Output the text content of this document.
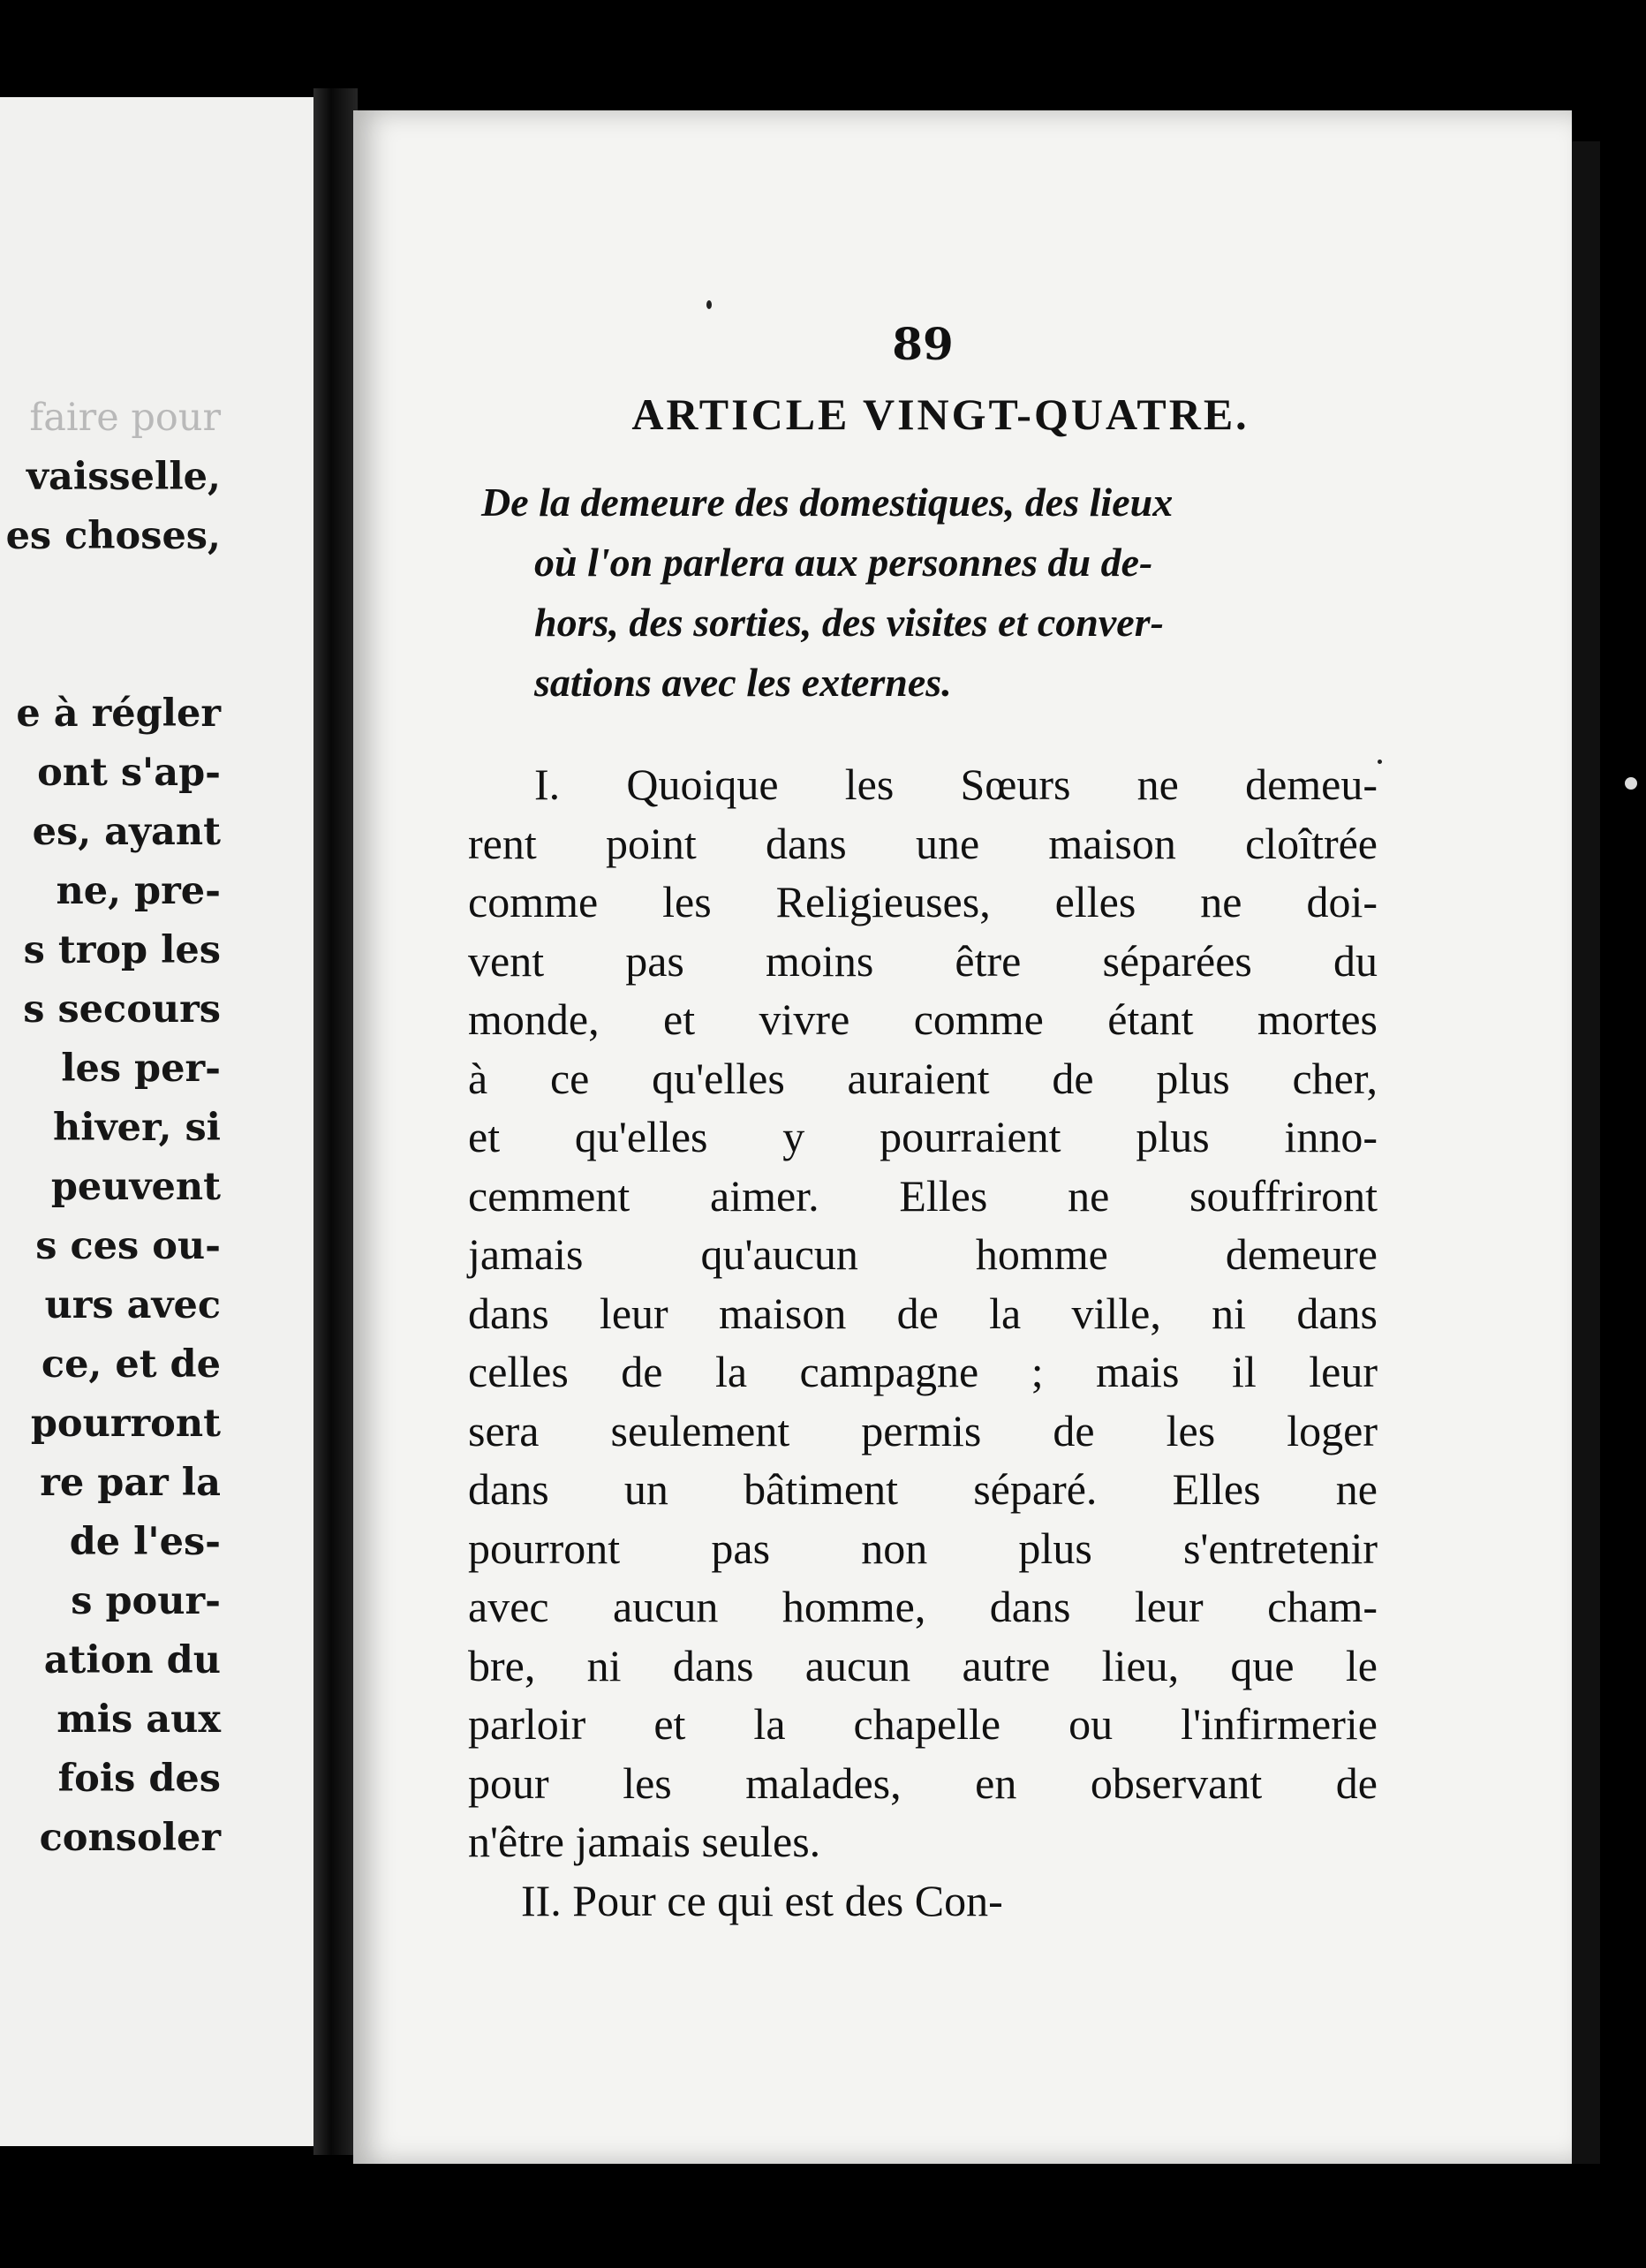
faire pour
vaisselle,
es choses,
e à régler
ont s'ap-
es, ayant
ne, pre-
s trop les
s secours
les per-
hiver, si
peuvent
s ces ou-
urs avec
ce, et de
pourront
re par la
de l'es-
s pour-
ation du
mis aux
fois des
consoler
89
ARTICLE VINGT-QUATRE.
De la demeure des domestiques, des lieux
où l'on parlera aux personnes du de-
hors, des sorties, des visites et conver-
sations avec les externes.
I. Quoique les Sœurs ne demeu-
rent point dans une maison cloîtrée
comme les Religieuses, elles ne doi-
vent pas moins être séparées du
monde, et vivre comme étant mortes
à ce qu'elles auraient de plus cher,
et qu'elles y pourraient plus inno-
cemment aimer. Elles ne souffriront
jamais qu'aucun homme demeure
dans leur maison de la ville, ni dans
celles de la campagne ; mais il leur
sera seulement permis de les loger
dans un bâtiment séparé. Elles ne
pourront pas non plus s'entretenir
avec aucun homme, dans leur cham-
bre, ni dans aucun autre lieu, que le
parloir et la chapelle ou l'infirmerie
pour les malades, en observant de
n'être jamais seules.
II. Pour ce qui est des Con-
